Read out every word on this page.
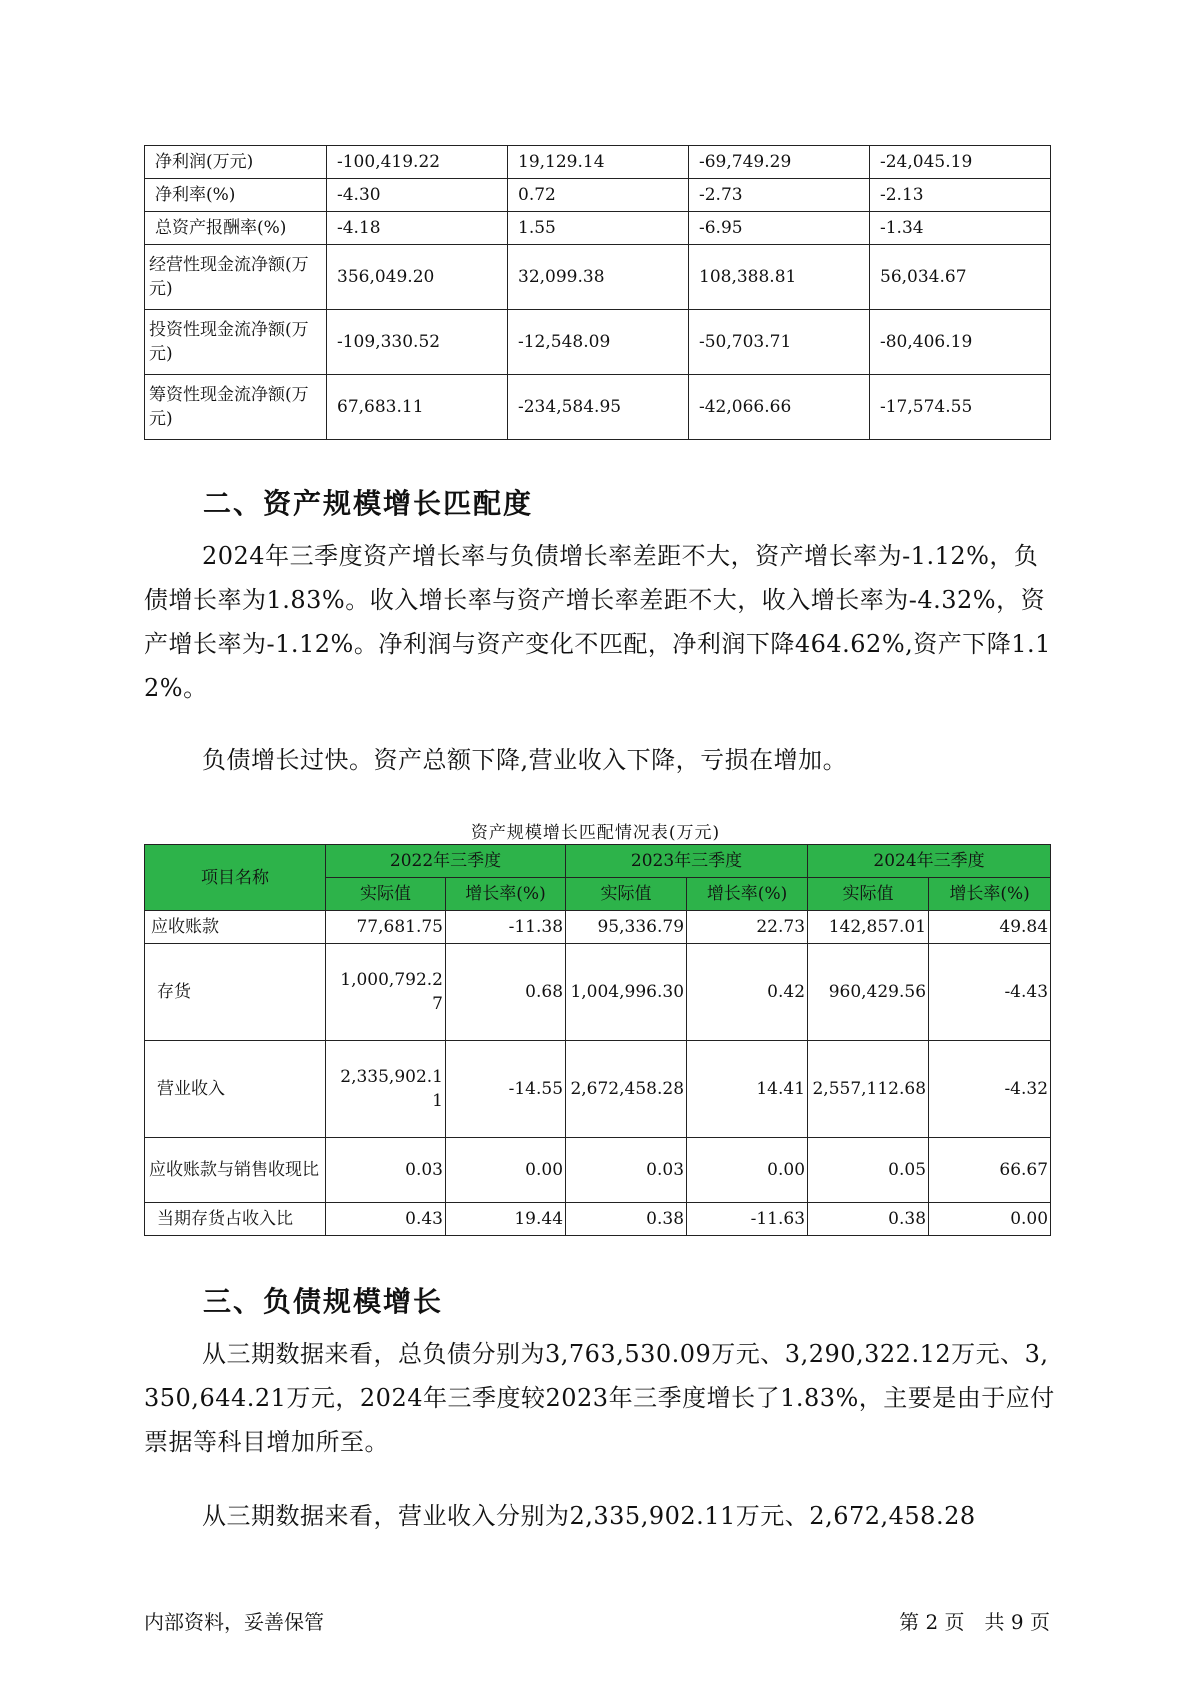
净利润(万元)	-100,419.22	19,129.14	-69,749.29	-24,045.19
净利率(%)	-4.30	0.72	-2.73	-2.13
总资产报酬率(%)	-4.18	1.55	-6.95	-1.34
经营性现金流净额(万元)	356,049.20	32,099.38	108,388.81	56,034.67
投资性现金流净额(万元)	-109,330.52	-12,548.09	-50,703.71	-80,406.19
筹资性现金流净额(万元)	67,683.11	-234,584.95	-42,066.66	-17,574.55
二、资产规模增长匹配度

2024年三季度资产增长率与负债增长率差距不大，资产增长率为-1.12%，负债增长率为1.83%。收入增长率与资产增长率差距不大，收入增长率为-4.32%，资产增长率为-1.12%。净利润与资产变化不匹配，净利润下降464.62%,资产下降1.12%。

负债增长过快。资产总额下降,营业收入下降，亏损在增加。

资产规模增长匹配情况表(万元)
项目名称	2022年三季度		2023年三季度		2024年三季度	
	实际值	增长率(%)	实际值	增长率(%)	实际值	增长率(%)
应收账款	77,681.75	-11.38	95,336.79	22.73	142,857.01	49.84
存货	1,000,792.27	0.68	1,004,996.30	0.42	960,429.56	-4.43
营业收入	2,335,902.11	-14.55	2,672,458.28	14.41	2,557,112.68	-4.32
应收账款与销售收现比	0.03	0.00	0.03	0.00	0.05	66.67
当期存货占收入比	0.43	19.44	0.38	-11.63	0.38	0.00
三、负债规模增长

从三期数据来看，总负债分别为3,763,530.09万元、3,290,322.12万元、3,350,644.21万元，2024年三季度较2023年三季度增长了1.83%，主要是由于应付票据等科目增加所至。

从三期数据来看，营业收入分别为2,335,902.11万元、2,672,458.28

内部资料，妥善保管	第 2 页　共 9 页
